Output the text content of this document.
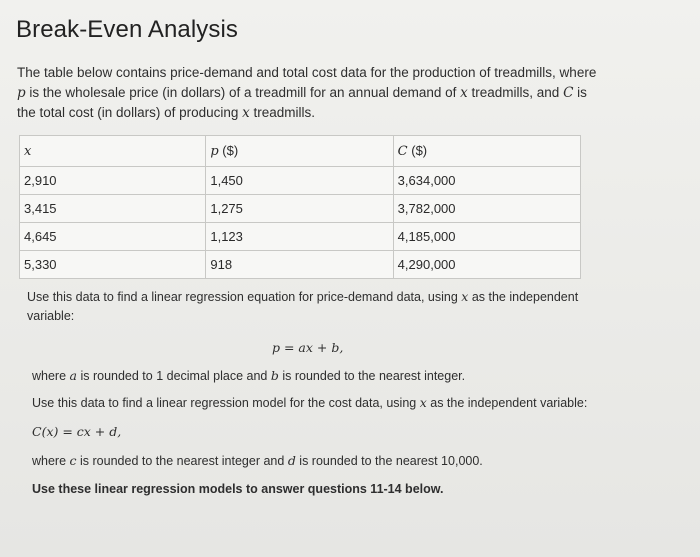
Break-Even Analysis

The table below contains price-demand and total cost data for the production of treadmills, where p is the wholesale price (in dollars) of a treadmill for an annual demand of x treadmills, and C is the total cost (in dollars) of producing x treadmills.

x	p ($)	C ($)
2,910	1,450	3,634,000
3,415	1,275	3,782,000
4,645	1,123	4,185,000
5,330	918	4,290,000

Use this data to find a linear regression equation for price-demand data, using x as the independent variable:

p = ax + b,

where a is rounded to 1 decimal place and b is rounded to the nearest integer.

Use this data to find a linear regression model for the cost data, using x as the independent variable:

C(x) = cx + d,

where c is rounded to the nearest integer and d is rounded to the nearest 10,000.

Use these linear regression models to answer questions 11-14 below.
